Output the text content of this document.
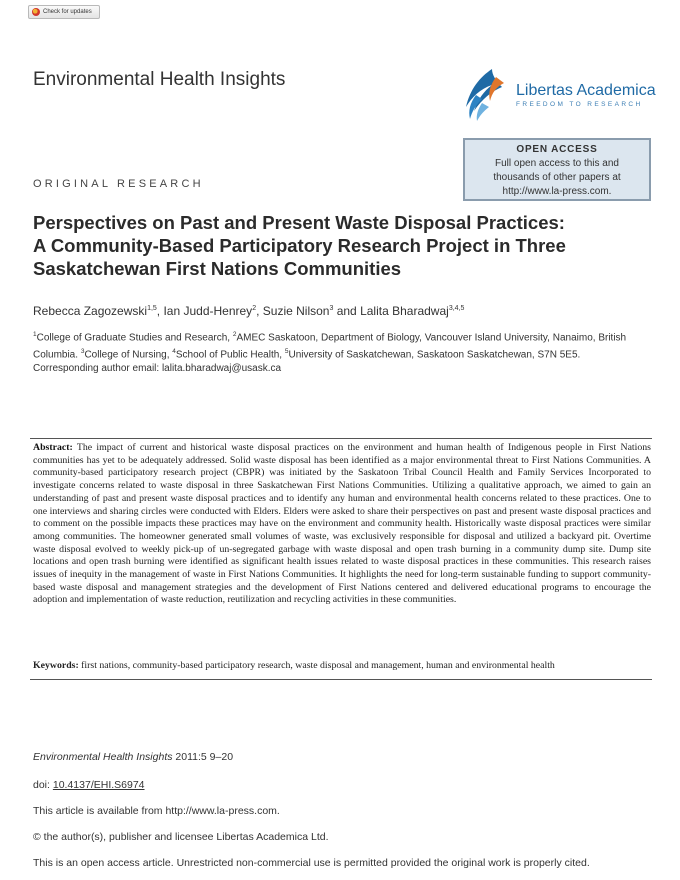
Check for updates
Environmental Health Insights
Libertas Academica
FREEDOM TO RESEARCH
OPEN ACCESS
Full open access to this and
thousands of other papers at
http://www.la-press.com.
ORIGINAL RESEARCH
Perspectives on Past and Present Waste Disposal Practices:
A Community-Based Participatory Research Project in Three
Saskatchewan First Nations Communities
Rebecca Zagozewski$^{1,5}$, Ian Judd-Henrey$^2$, Suzie Nilson$^3$ and Lalita Bharadwaj$^{3,4,5}$
$^1$College of Graduate Studies and Research, $^2$AMEC Saskatoon, Department of Biology, Vancouver Island University, Nanaimo, British Columbia. $^3$College of Nursing, $^4$School of Public Health, $^5$University of Saskatchewan, Saskatoon Saskatchewan, S7N 5E5. Corresponding author email: lalita.bharadwaj@usask.ca

Abstract: The impact of current and historical waste disposal practices on the environment and human health of Indigenous people in First Nations communities has yet to be adequately addressed. Solid waste disposal has been identified as a major environmental threat to First Nations Communities. A community-based participatory research project (CBPR) was initiated by the Saskatoon Tribal Council Health and Family Services Incorporated to investigate concerns related to waste disposal in three Saskatchewan First Nations Communities. Utilizing a qualitative approach, we aimed to gain an understanding of past and present waste disposal practices and to identify any human and environmental health concerns related to these practices. One to one interviews and sharing circles were conducted with Elders. Elders were asked to share their perspectives on past and present waste disposal practices and to comment on the possible impacts these practices may have on the environment and community health. Historically waste disposal practices were similar among communities. The homeowner generated small volumes of waste, was exclusively responsible for disposal and utilized a backyard pit. Overtime waste disposal evolved to weekly pick-up of un-segregated garbage with waste disposal and open trash burning in a community dump site. Dump site locations and open trash burning were identified as significant health issues related to waste disposal practices in these communities. This research raises issues of inequity in the management of waste in First Nations Communities. It highlights the need for long-term sustainable funding to support community-based waste disposal and management strategies and the development of First Nations centered and delivered educational programs to encourage the adoption and implementation of waste reduction, reutilization and recycling activities in these communities.

Keywords: first nations, community-based participatory research, waste disposal and management, human and environmental health
Environmental Health Insights 2011:5 9–20
doi: 10.4137/EHI.S6974
This article is available from http://www.la-press.com.
© the author(s), publisher and licensee Libertas Academica Ltd.
This is an open access article. Unrestricted non-commercial use is permitted provided the original work is properly cited.
